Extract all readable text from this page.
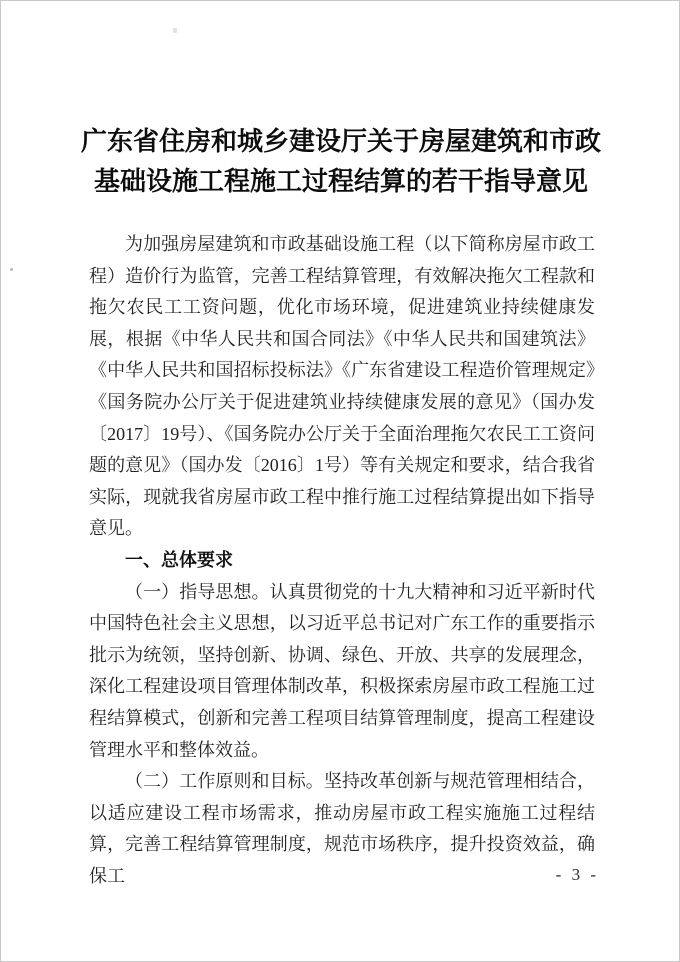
广东省住房和城乡建设厅关于房屋建筑和市政基础设施工程施工过程结算的若干指导意见

为加强房屋建筑和市政基础设施工程（以下简称房屋市政工程）造价行为监管，完善工程结算管理，有效解决拖欠工程款和拖欠农民工工资问题，优化市场环境，促进建筑业持续健康发展，根据《中华人民共和国合同法》《中华人民共和国建筑法》《中华人民共和国招标投标法》《广东省建设工程造价管理规定》《国务院办公厅关于促进建筑业持续健康发展的意见》（国办发〔2017〕19号）、《国务院办公厅关于全面治理拖欠农民工工资问题的意见》（国办发〔2016〕1号）等有关规定和要求，结合我省实际，现就我省房屋市政工程中推行施工过程结算提出如下指导意见。

一、总体要求

（一）指导思想。认真贯彻党的十九大精神和习近平新时代中国特色社会主义思想，以习近平总书记对广东工作的重要指示批示为统领，坚持创新、协调、绿色、开放、共享的发展理念，深化工程建设项目管理体制改革，积极探索房屋市政工程施工过程结算模式，创新和完善工程项目结算管理制度，提高工程建设管理水平和整体效益。

（二）工作原则和目标。坚持改革创新与规范管理相结合，以适应建设工程市场需求，推动房屋市政工程实施施工过程结算，完善工程结算管理制度，规范市场秩序，提升投资效益，确保工	- 3 -
